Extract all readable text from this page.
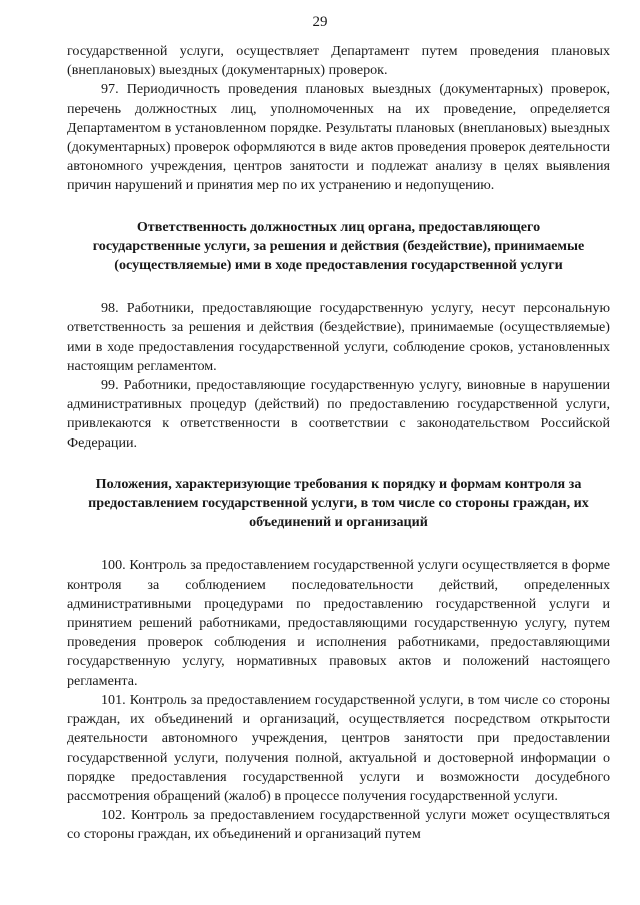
29

государственной услуги, осуществляет Департамент путем проведения плановых (внеплановых) выездных (документарных) проверок.

97. Периодичность проведения плановых выездных (документарных) проверок, перечень должностных лиц, уполномоченных на их проведение, определяется Департаментом в установленном порядке. Результаты плановых (внеплановых) выездных (документарных) проверок оформляются в виде актов проведения проверок деятельности автономного учреждения, центров занятости и подлежат анализу в целях выявления причин нарушений и принятия мер по их устранению и недопущению.

Ответственность должностных лиц органа, предоставляющего государственные услуги, за решения и действия (бездействие), принимаемые (осуществляемые) ими в ходе предоставления государственной услуги

98. Работники, предоставляющие государственную услугу, несут персональную ответственность за решения и действия (бездействие), принимаемые (осуществляемые) ими в ходе предоставления государственной услуги, соблюдение сроков, установленных настоящим регламентом.

99. Работники, предоставляющие государственную услугу, виновные в нарушении административных процедур (действий) по предоставлению государственной услуги, привлекаются к ответственности в соответствии с законодательством Российской Федерации.

Положения, характеризующие требования к порядку и формам контроля за предоставлением государственной услуги, в том числе со стороны граждан, их объединений и организаций

100. Контроль за предоставлением государственной услуги осуществляется в форме контроля за соблюдением последовательности действий, определенных административными процедурами по предоставлению государственной услуги и принятием решений работниками, предоставляющими государственную услугу, путем проведения проверок соблюдения и исполнения работниками, предоставляющими государственную услугу, нормативных правовых актов и положений настоящего регламента.

101. Контроль за предоставлением государственной услуги, в том числе со стороны граждан, их объединений и организаций, осуществляется посредством открытости деятельности автономного учреждения, центров занятости при предоставлении государственной услуги, получения полной, актуальной и достоверной информации о порядке предоставления государственной услуги и возможности досудебного рассмотрения обращений (жалоб) в процессе получения государственной услуги.

102. Контроль за предоставлением государственной услуги может осуществляться со стороны граждан, их объединений и организаций путем
